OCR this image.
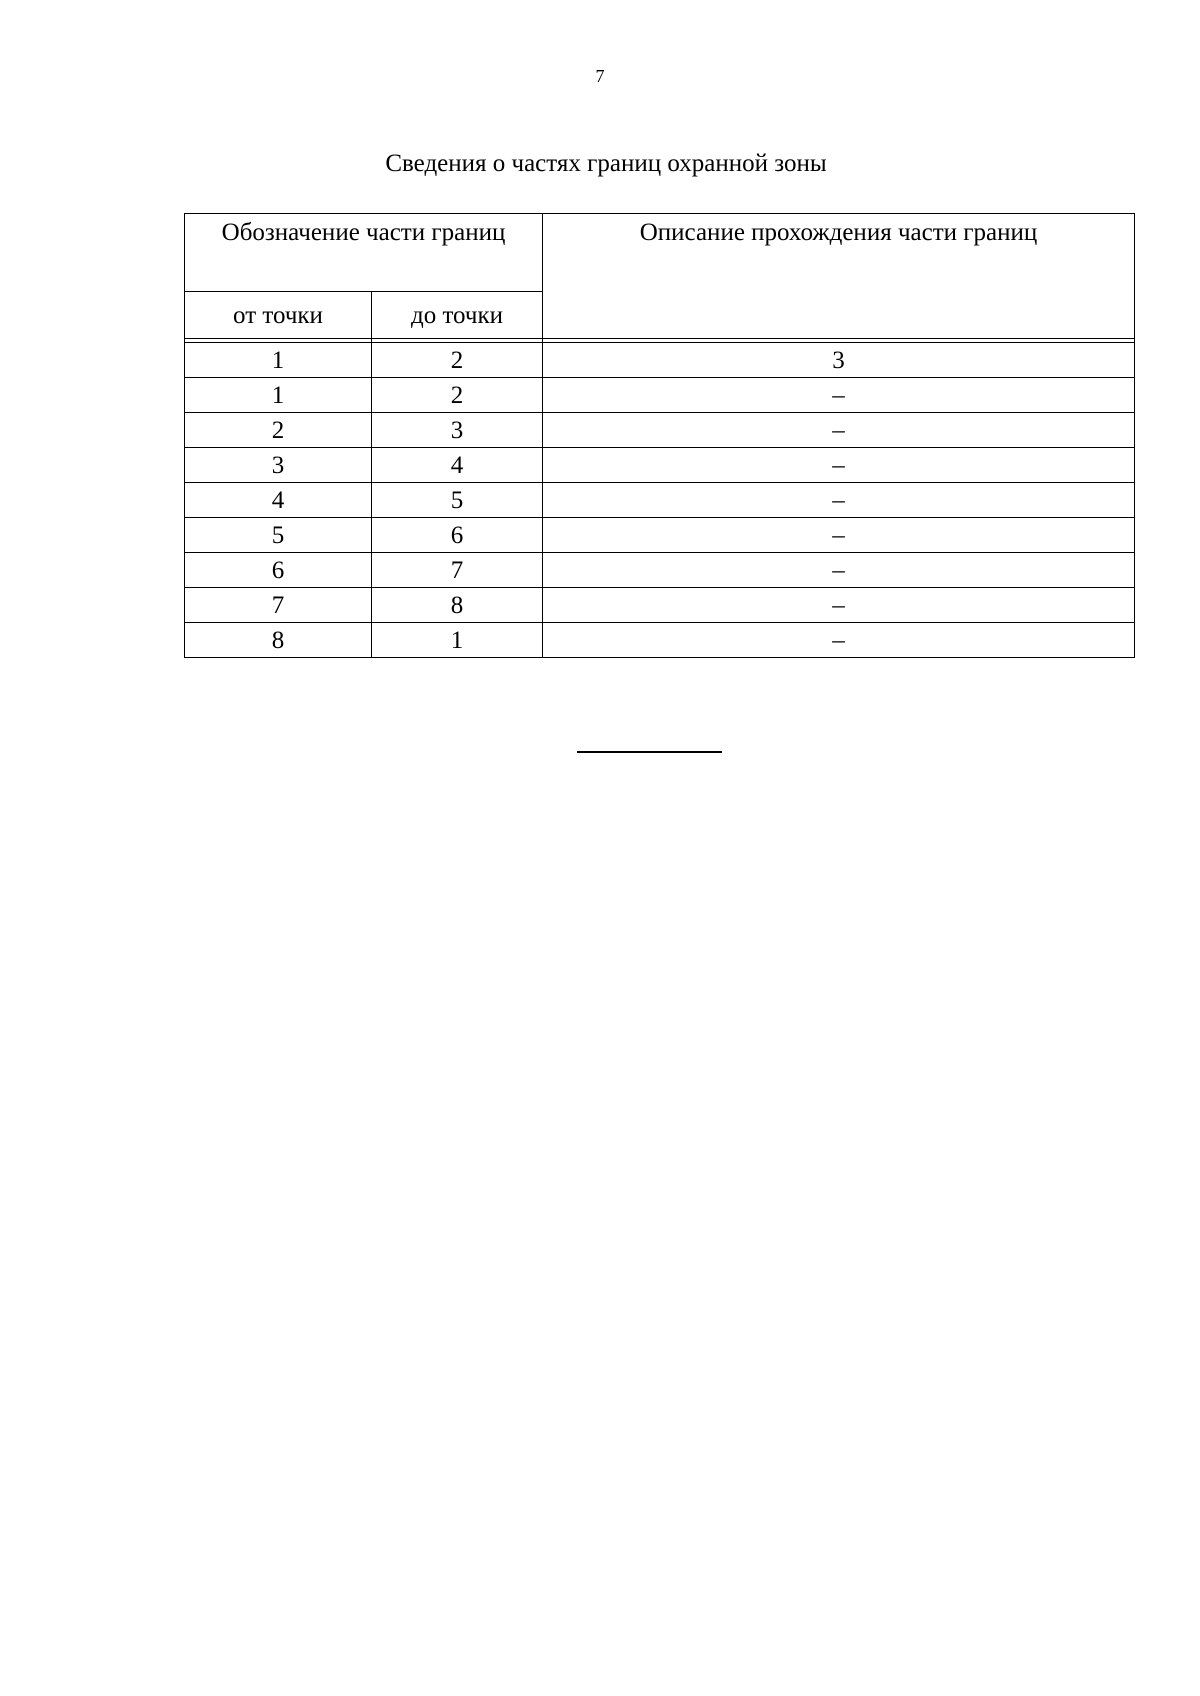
7
Сведения о частях границ охранной зоны
Обозначение части границ		Описание прохождения части границ
от точки	до точки	

1	2	3
1	2	–
2	3	–
3	4	–
4	5	–
5	6	–
6	7	–
7	8	–
8	1	–
